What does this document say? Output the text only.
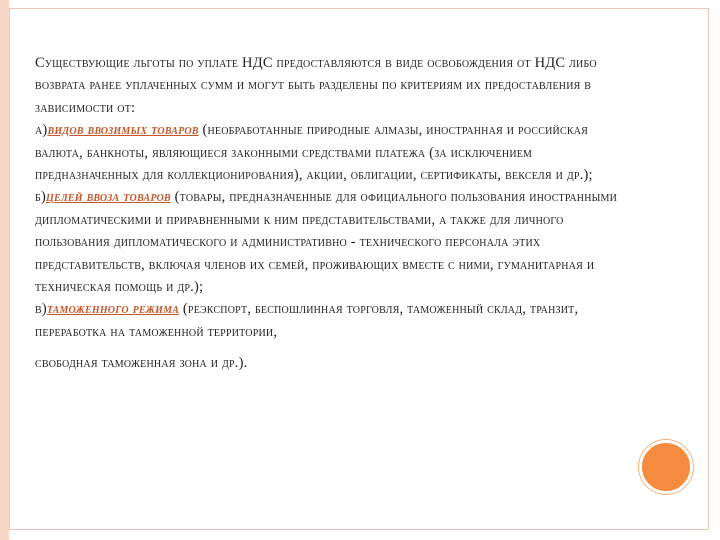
Существующие льготы по уплате НДС предоставляются в виде освобождения от НДС либо возврата ранее уплаченных сумм и могут быть разделены по критериям их предоставления в зависимости от:

а)видов ввозимых товаров (необработанные природные алмазы, иностранная и российская валюта, банкноты, являющиеся законными средствами платежа (за исключением предназначенных для коллекционирования), акции, облигации, сертификаты, векселя и др.);

б)целей ввоза товаров (товары, предназначенные для официального пользования иностранными дипломатическими и приравненными к ним представительствами, а также для личного пользования дипломатического и административно - технического персонала этих представительств, включая членов их семей, проживающих вместе с ними, гуманитарная и техническая помощь и др.);

в)таможенного режима (реэкспорт, беспошлинная торговля, таможенный склад, транзит, переработка на таможенной территории,

свободная таможенная зона и др.).
